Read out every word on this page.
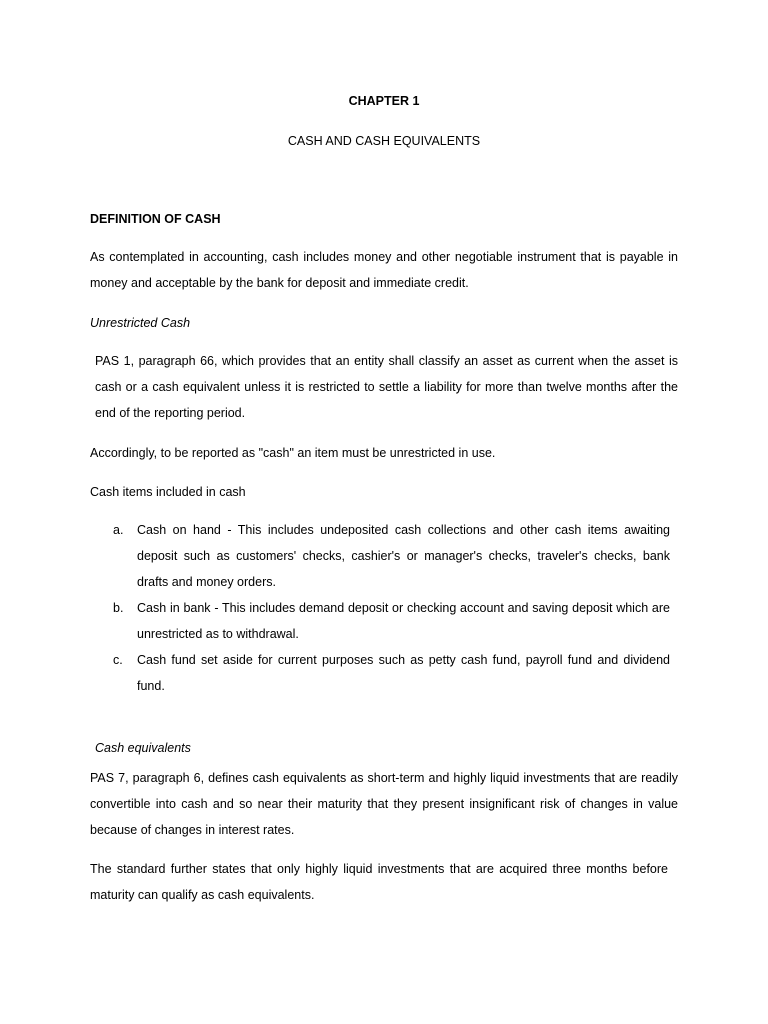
CHAPTER 1

CASH AND CASH EQUIVALENTS

DEFINITION OF CASH

As contemplated in accounting, cash includes money and other negotiable instrument that is payable in money and acceptable by the bank for deposit and immediate credit.

Unrestricted Cash

PAS 1, paragraph 66, which provides that an entity shall classify an asset as current when the asset is cash or a cash equivalent unless it is restricted to settle a liability for more than twelve months after the end of the reporting period.

Accordingly, to be reported as "cash" an item must be unrestricted in use.

Cash items included in cash

a. Cash on hand - This includes undeposited cash collections and other cash items awaiting deposit such as customers' checks, cashier's or manager's checks, traveler's checks, bank drafts and money orders.
b. Cash in bank - This includes demand deposit or checking account and saving deposit which are unrestricted as to withdrawal.
c. Cash fund set aside for current purposes such as petty cash fund, payroll fund and dividend fund.

Cash equivalents

PAS 7, paragraph 6, defines cash equivalents as short-term and highly liquid investments that are readily convertible into cash and so near their maturity that they present insignificant risk of changes in value because of changes in interest rates.

The standard further states that only highly liquid investments that are acquired three months before maturity can qualify as cash equivalents.
